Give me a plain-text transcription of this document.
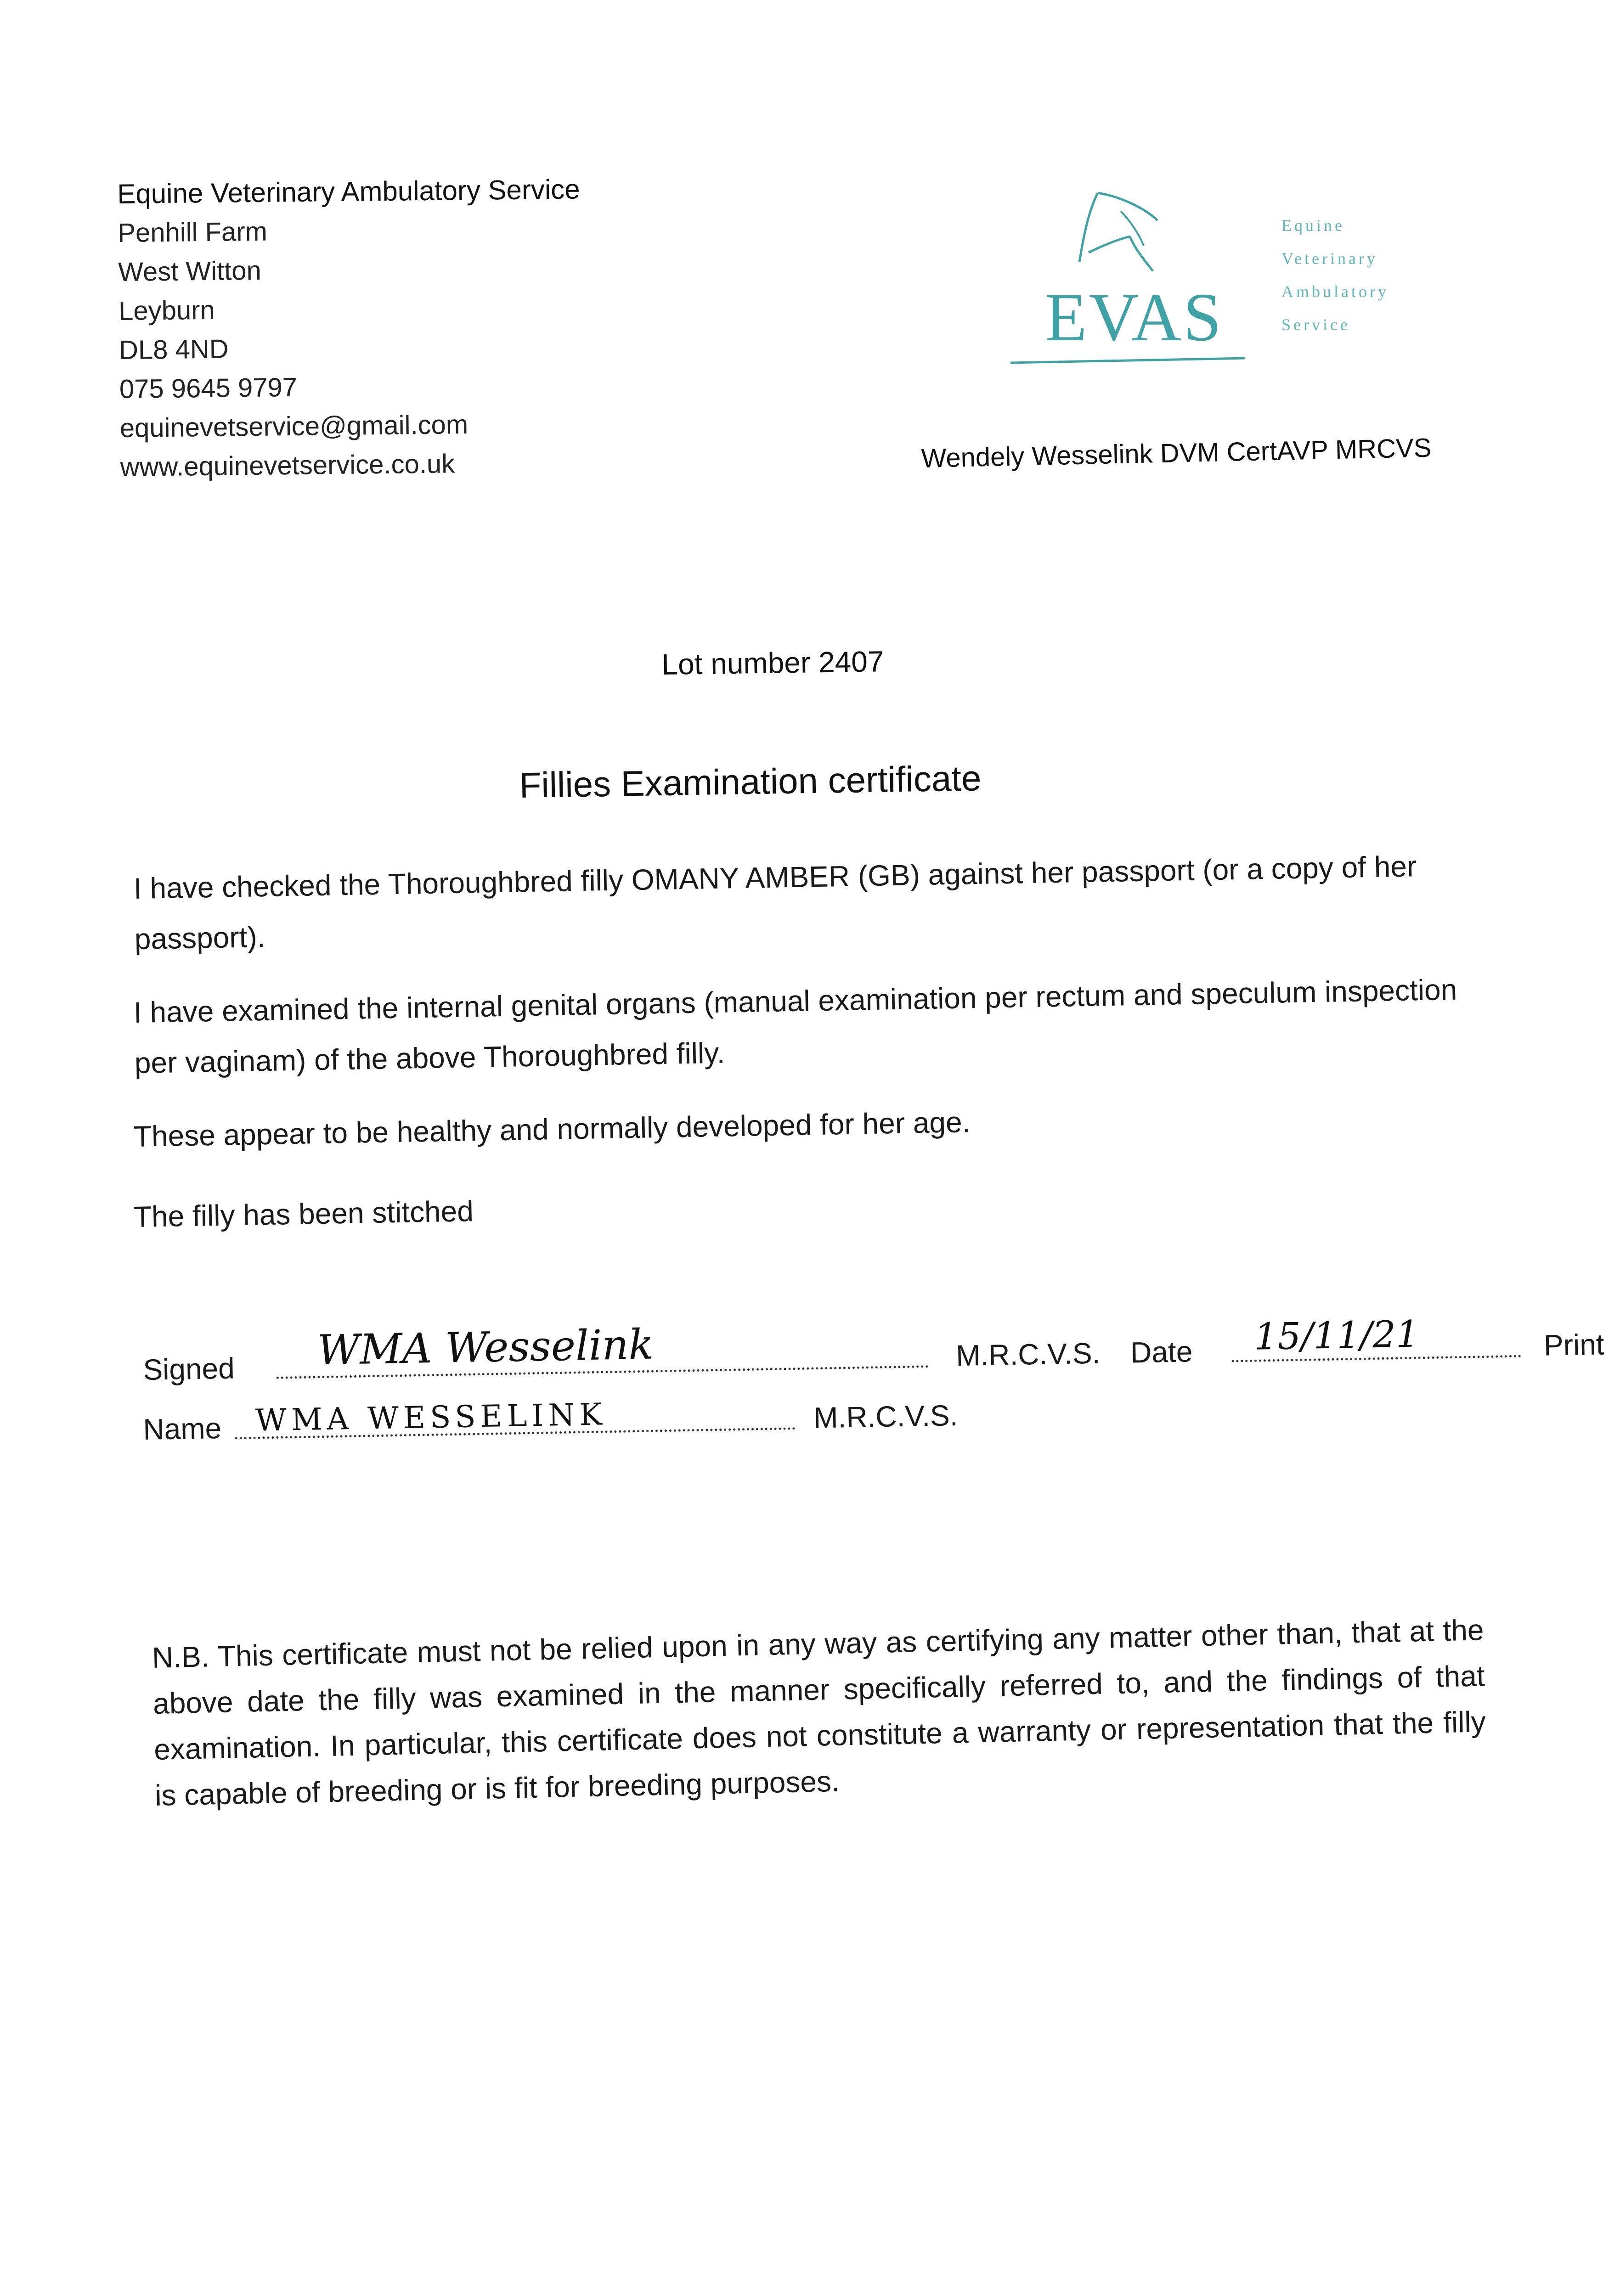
Equine Veterinary Ambulatory Service
Penhill Farm
West Witton
Leyburn
DL8 4ND
075 9645 9797
equinevetservice@gmail.com
www.equinevetservice.co.uk
EVAS
Equine
Veterinary
Ambulatory
Service
Wendely Wesselink DVM CertAVP MRCVS
Lot number 2407
Fillies Examination certificate
I have checked the Thoroughbred filly OMANY AMBER (GB) against her passport (or a copy of her passport).
I have examined the internal genital organs (manual examination per rectum and speculum inspection per vaginam) of the above Thoroughbred filly.
These appear to be healthy and normally developed for her age.
The filly has been stitched
Signed WMA Wesselink	M.R.C.V.S. Date 15/11/21	Print
Name WMA WESSELINK	M.R.C.V.S.
N.B. This certificate must not be relied upon in any way as certifying any matter other than, that at the above date the filly was examined in the manner specifically referred to, and the findings of that examination. In particular, this certificate does not constitute a warranty or representation that the filly is capable of breeding or is fit for breeding purposes.
